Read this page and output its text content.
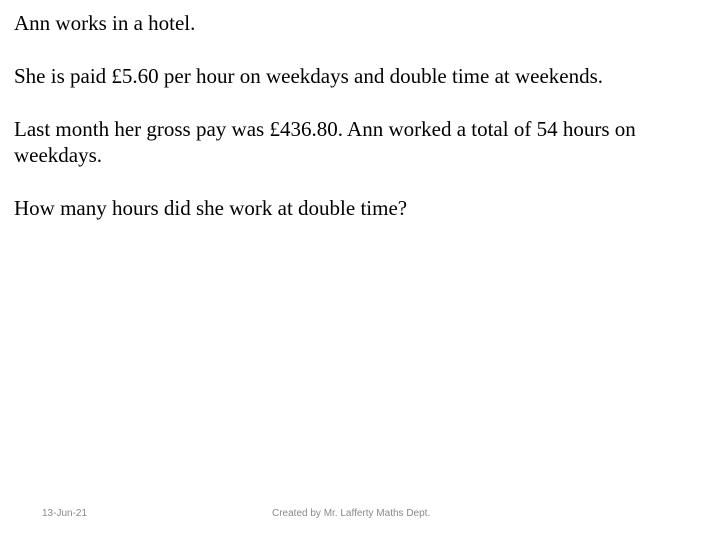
Ann works in a hotel.

She is paid £5.60 per hour on weekdays and double time at weekends.

Last month her gross pay was £436.80. Ann worked a total of 54 hours on weekdays.

How many hours did she work at double time?

13-Jun-21	Created by Mr. Lafferty Maths Dept.
